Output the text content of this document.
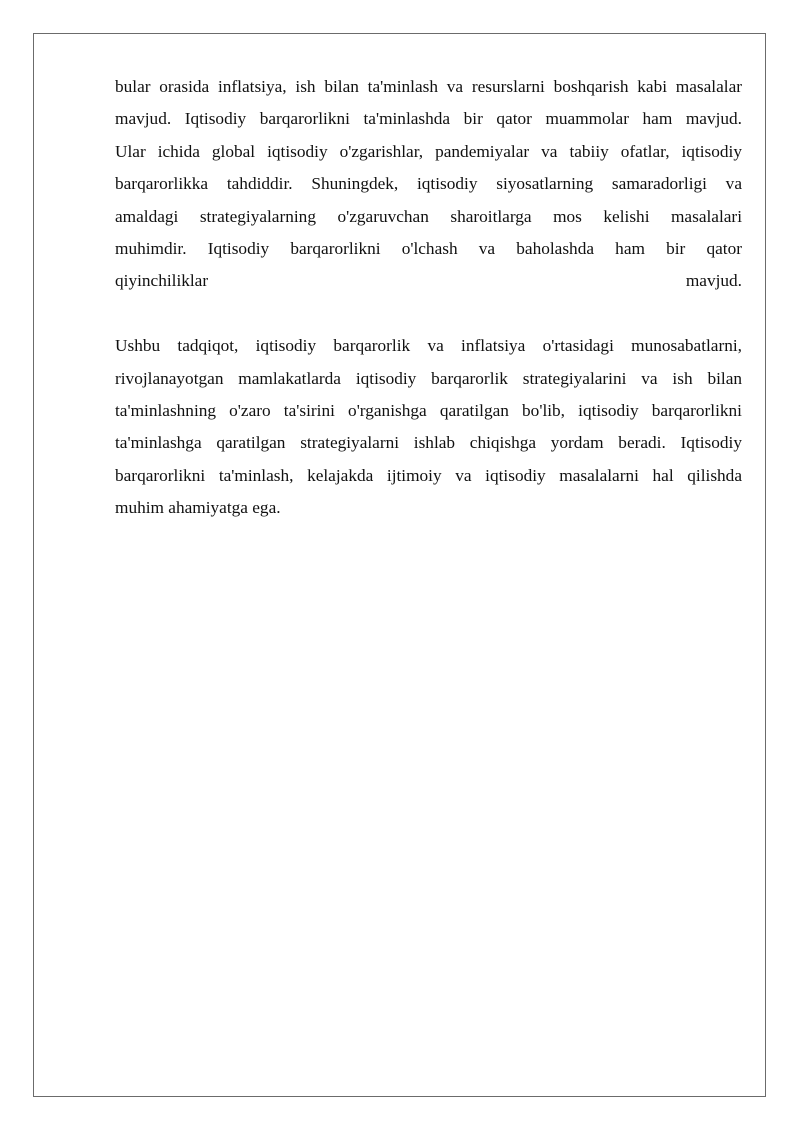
bular orasida inflatsiya, ish bilan ta'minlash va resurslarni boshqarish kabi masalalar
mavjud. Iqtisodiy barqarorlikni ta'minlashda bir qator muammolar ham mavjud.
Ular ichida global iqtisodiy o'zgarishlar, pandemiyalar va tabiiy ofatlar, iqtisodiy
barqarorlikka tahdiddir. Shuningdek, iqtisodiy siyosatlarning samaradorligi va
amaldagi strategiyalarning o'zgaruvchan sharoitlarga mos kelishi masalalari
muhimdir. Iqtisodiy barqarorlikni o'lchash va baholashda ham bir qator
qiyinchiliklar mavjud.

Ushbu tadqiqot, iqtisodiy barqarorlik va inflatsiya o'rtasidagi munosabatlarni,
rivojlanayotgan mamlakatlarda iqtisodiy barqarorlik strategiyalarini va ish bilan
ta'minlashning o'zaro ta'sirini o'rganishga qaratilgan bo'lib, iqtisodiy barqarorlikni
ta'minlashga qaratilgan strategiyalarni ishlab chiqishga yordam beradi. Iqtisodiy
barqarorlikni ta'minlash, kelajakda ijtimoiy va iqtisodiy masalalarni hal qilishda
muhim ahamiyatga ega.
